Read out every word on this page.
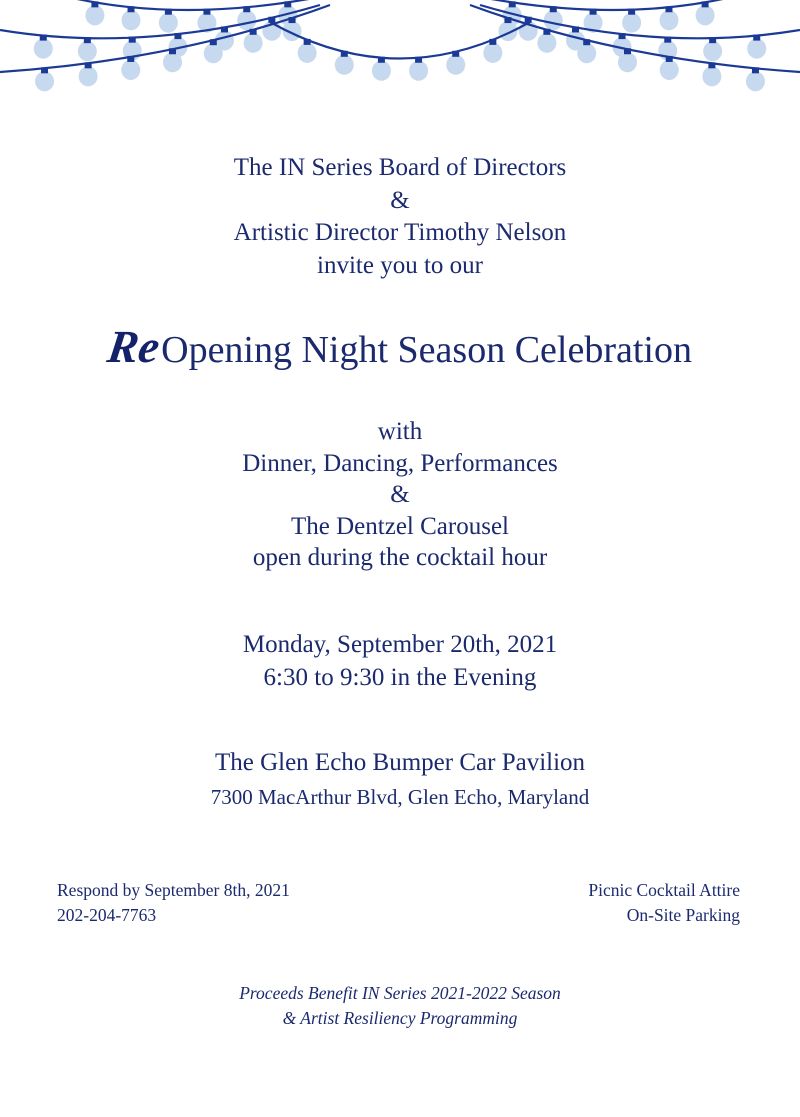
The IN Series Board of Directors
&
Artistic Director Timothy Nelson
invite you to our
ReOpening Night Season Celebration
with
Dinner, Dancing, Performances
&
The Dentzel Carousel
open during the cocktail hour
Monday, September 20th, 2021
6:30 to 9:30 in the Evening
The Glen Echo Bumper Car Pavilion
7300 MacArthur Blvd, Glen Echo, Maryland
Respond by September 8th, 2021
202-204-7763
Picnic Cocktail Attire
On-Site Parking
Proceeds Benefit IN Series 2021-2022 Season
& Artist Resiliency Programming
